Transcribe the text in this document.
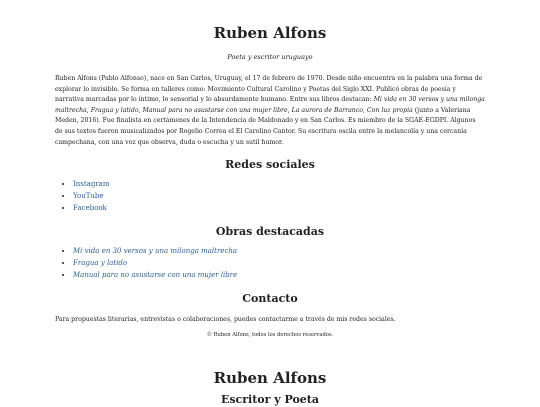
Ruben Alfons
Poeta y escritor uruguayo

Ruben Alfons (Pablo Alfonso), nace en San Carlos, Uruguay, el 17 de febrero de 1970. Desde niño encuentra en la palabra una forma de explorar lo invisible. Se forma en talleres como: Movimiento Cultural Carolino y Poetas del Siglo XXI. Publicó obras de poesía y narrativa marcadas por lo íntimo, lo sensorial y lo absurdamente humano. Entre sus libros destacan: Mi vida en 30 versos y una milonga maltrecha, Fragua y latido, Manual para no asustarse con una mujer libre, La aurora de Barranco, Con luz propia (junto a Valeriana Meden, 2016). Fue finalista en certámenes de la Intendencia de Maldonado y en San Carlos. Es miembro de la SGAE-EGDPI. Algunos de sus textos fueron musicalizados por Rogelio Correa el El Carolino Cantor. Su escritura oscila entre la melancolía y una cercanía campechana, con una voz que observa, duda o escucha y un sutil humor.

Redes sociales
• Instagram
• YouTube
• Facebook
Obras destacadas
• Mi vida en 30 versos y una milonga maltrecha
• Fragua y latido
• Manual para no asustarse con una mujer libre
Contacto

Para propuestas literarias, entrevistas o colaboraciones, puedes contactarme a través de mis redes sociales.

© Ruben Alfons, todos los derechos reservados.

Ruben Alfons
Escritor y Poeta
